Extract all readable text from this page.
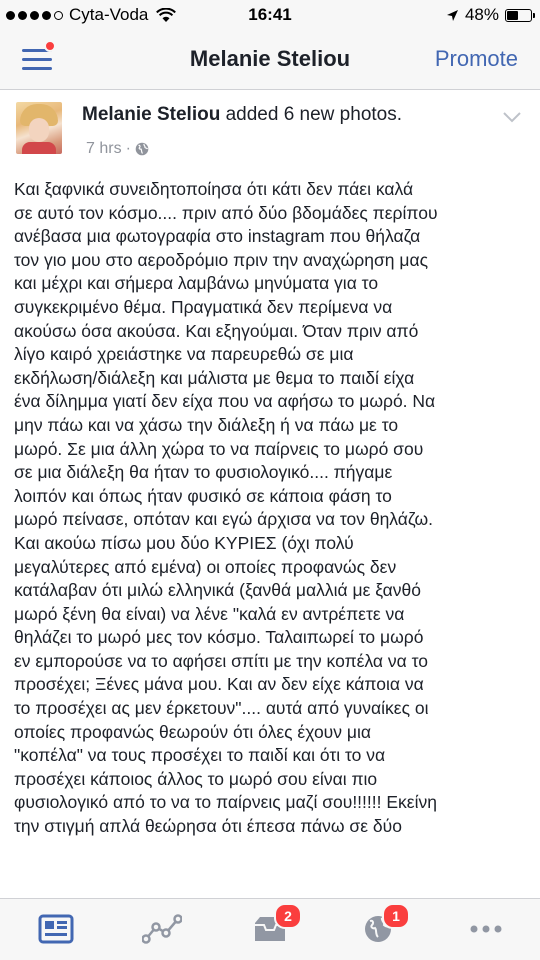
Cyta-Voda	16:41	48%
Melanie Steliou	Promote
Melanie Steliou added 6 new photos.
7 hrs ·
Και ξαφνικά συνειδητοποίησα ότι κάτι δεν πάει καλά
σε αυτό τον κόσμο.... πριν από δύο βδομάδες περίπου
ανέβασα μια φωτογραφία στο instagram που θήλαζα
τον γιο μου στο αεροδρόμιο πριν την αναχώρηση μας
και μέχρι και σήμερα λαμβάνω μηνύματα για το
συγκεκριμένο θέμα. Πραγματικά δεν περίμενα να
ακούσω όσα ακούσα. Και εξηγούμαι. Όταν πριν από
λίγο καιρό χρειάστηκε να παρευρεθώ σε μια
εκδήλωση/διάλεξη και μάλιστα με θεμα το παιδί είχα
ένα δίλημμα γιατί δεν είχα που να αφήσω το μωρό. Να
μην πάω και να χάσω την διάλεξη ή να πάω με το
μωρό. Σε μια άλλη χώρα το να παίρνεις το μωρό σου
σε μια διάλεξη θα ήταν το φυσιολογικό.... πήγαμε
λοιπόν και όπως ήταν φυσικό σε κάποια φάση το
μωρό πείνασε, οπόταν και εγώ άρχισα να τον θηλάζω.
Και ακούω πίσω μου δύο ΚΥΡΙΕΣ (όχι πολύ
μεγαλύτερες από εμένα) οι οποίες προφανώς δεν
κατάλαβαν ότι μιλώ ελληνικά (ξανθά μαλλιά με ξανθό
μωρό ξένη θα είναι) να λένε "καλά εν αντρέπετε να
θηλάζει το μωρό μες τον κόσμο. Ταλαιπωρεί το μωρό
εν εμπορούσε να το αφήσει σπίτι με την κοπέλα να το
προσέχει; Ξένες μάνα μου. Και αν δεν είχε κάποια να
το προσέχει ας μεν έρκετουν".... αυτά από γυναίκες οι
οποίες προφανώς θεωρούν ότι όλες έχουν μια
"κοπέλα" να τους προσέχει το παιδί και ότι το να
προσέχει κάποιος άλλος το μωρό σου είναι πιο
φυσιολογικό από το να το παίρνεις μαζί σου!!!!!! Εκείνη
την στιγμή απλά θεώρησα ότι έπεσα πάνω σε δύο
2	1
